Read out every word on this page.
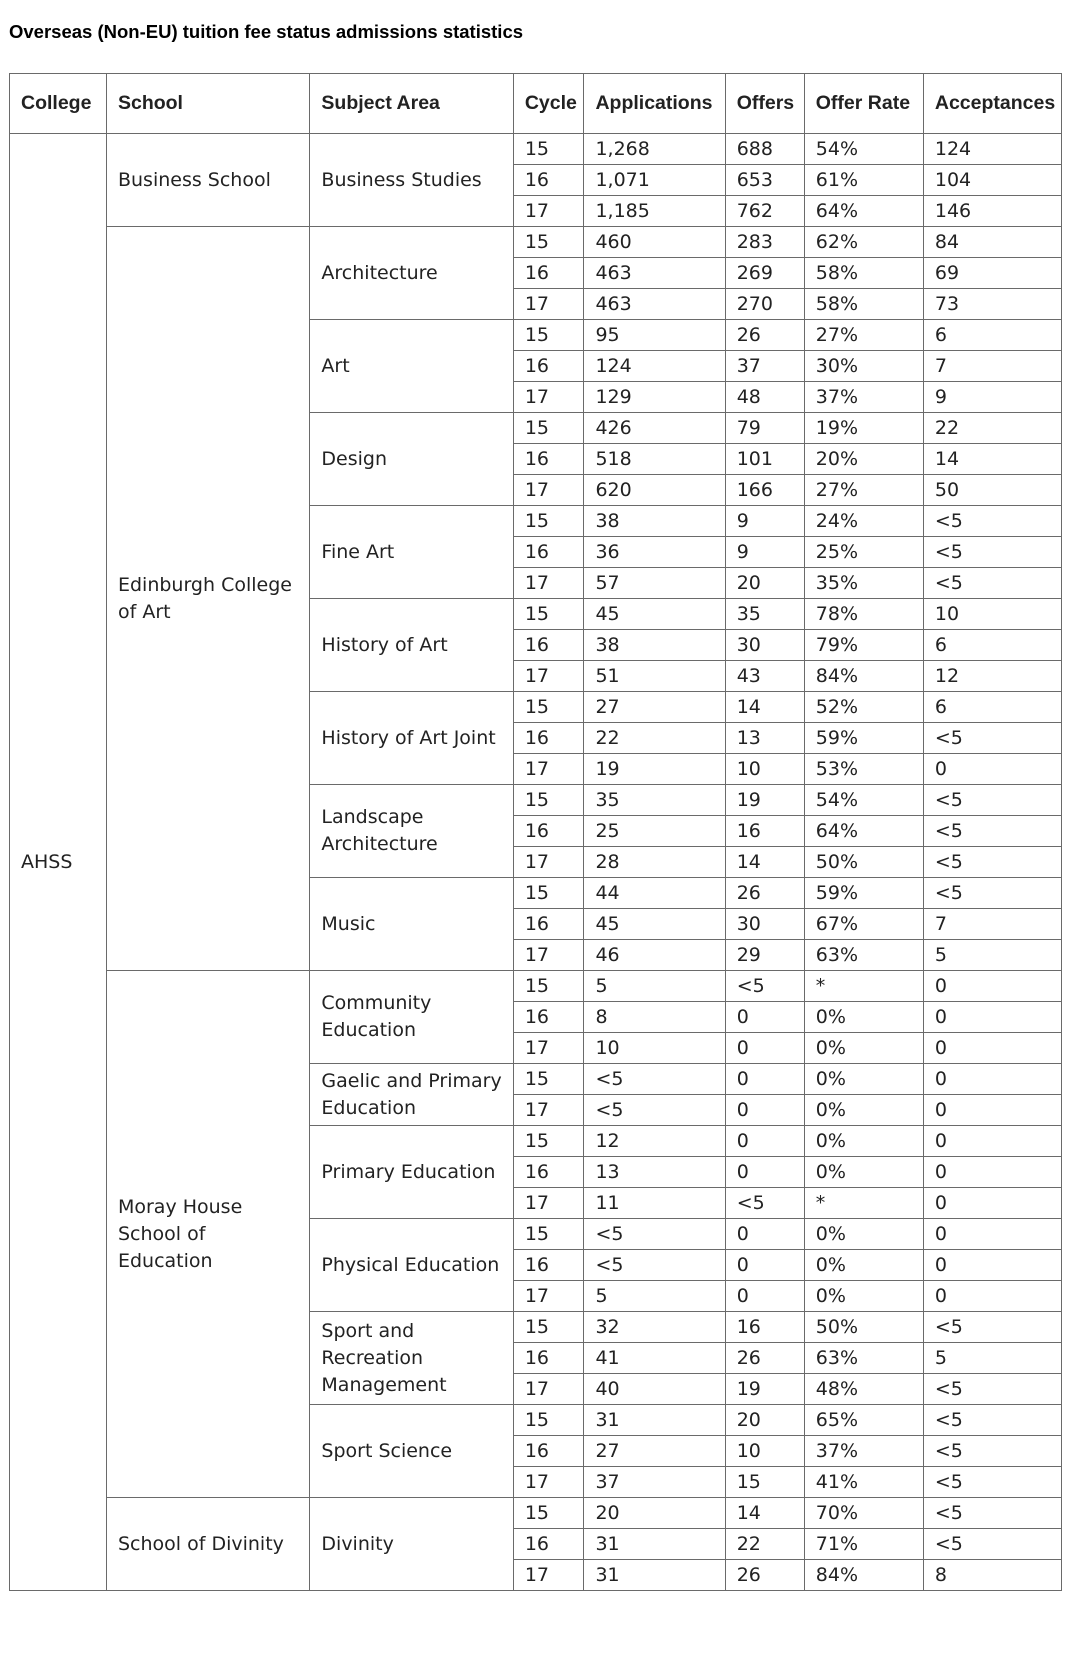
Overseas (Non-EU) tuition fee status admissions statistics
College	School	Subject Area	Cycle	Applications	Offers	Offer Rate	Acceptances
AHSS	Business School	Business Studies	15	1,268	688	54%	124
			16	1,071	653	61%	104
			17	1,185	762	64%	146
	Edinburgh College of Art	Architecture	15	460	283	62%	84
			16	463	269	58%	69
			17	463	270	58%	73
		Art	15	95	26	27%	6
			16	124	37	30%	7
			17	129	48	37%	9
		Design	15	426	79	19%	22
			16	518	101	20%	14
			17	620	166	27%	50
		Fine Art	15	38	9	24%	<5
			16	36	9	25%	<5
			17	57	20	35%	<5
		History of Art	15	45	35	78%	10
			16	38	30	79%	6
			17	51	43	84%	12
		History of Art Joint	15	27	14	52%	6
			16	22	13	59%	<5
			17	19	10	53%	0
		Landscape Architecture	15	35	19	54%	<5
			16	25	16	64%	<5
			17	28	14	50%	<5
		Music	15	44	26	59%	<5
			16	45	30	67%	7
			17	46	29	63%	5
	Moray House School of Education	Community Education	15	5	<5	*	0
			16	8	0	0%	0
			17	10	0	0%	0
		Gaelic and Primary Education	15	<5	0	0%	0
			17	<5	0	0%	0
		Primary Education	15	12	0	0%	0
			16	13	0	0%	0
			17	11	<5	*	0
		Physical Education	15	<5	0	0%	0
			16	<5	0	0%	0
			17	5	0	0%	0
		Sport and Recreation Management	15	32	16	50%	<5
			16	41	26	63%	5
			17	40	19	48%	<5
		Sport Science	15	31	20	65%	<5
			16	27	10	37%	<5
			17	37	15	41%	<5
	School of Divinity	Divinity	15	20	14	70%	<5
			16	31	22	71%	<5
			17	31	26	84%	8
